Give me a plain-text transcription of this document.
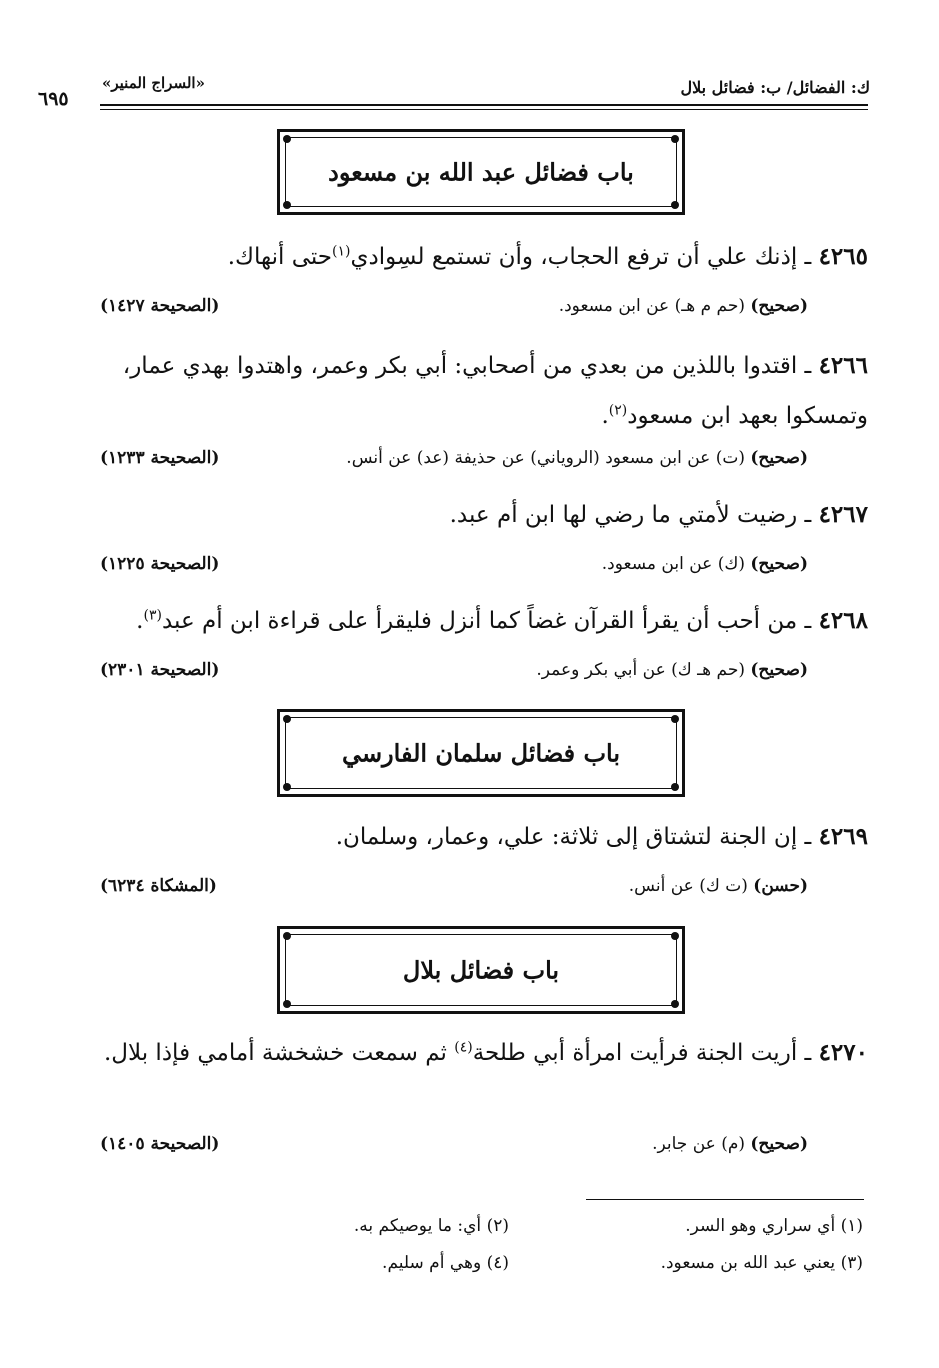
ك: الفضائل/ ب: فضائل بلال
«السراج المنير»
٦٩٥
باب فضائل عبد الله بن مسعود
٤٢٦٥ ـ إذنك علي أن ترفع الحجاب، وأن تستمع لسِوادي$^{(١)}$حتى أنهاك.
(صحيح) (حم م هـ) عن ابن مسعود.
(الصحيحة ١٤٢٧)
٤٢٦٦ ـ اقتدوا باللذين من بعدي من أصحابي: أبي بكر وعمر، واهتدوا بهدي عمار، وتمسكوا بعهد ابن مسعود$^{(٢)}$.
(صحيح) (ت) عن ابن مسعود (الروياني) عن حذيفة (عد) عن أنس.
(الصحيحة ١٢٣٣)
٤٢٦٧ ـ رضيت لأمتي ما رضي لها ابن أم عبد.
(صحيح) (ك) عن ابن مسعود.
(الصحيحة ١٢٢٥)
٤٢٦٨ ـ من أحب أن يقرأ القرآن غضاً كما أنزل فليقرأ على قراءة ابن أم عبد$^{(٣)}$.
(صحيح) (حم هـ ك) عن أبي بكر وعمر.
(الصحيحة ٢٣٠١)
باب فضائل سلمان الفارسي
٤٢٦٩ ـ إن الجنة لتشتاق إلى ثلاثة: علي، وعمار، وسلمان.
(حسن) (ت ك) عن أنس.
(المشكاة ٦٢٣٤)
باب فضائل بلال
٤٢٧٠ ـ أريت الجنة فرأيت امرأة أبي طلحة$^{(٤)}$ ثم سمعت خشخشة أمامي فإذا بلال.
(صحيح) (م) عن جابر.
(الصحيحة ١٤٠٥)
(١) أي سراري وهو السر.
(٢) أي: ما يوصيكم به.
(٣) يعني عبد الله بن مسعود.
(٤) وهي أم سليم.
